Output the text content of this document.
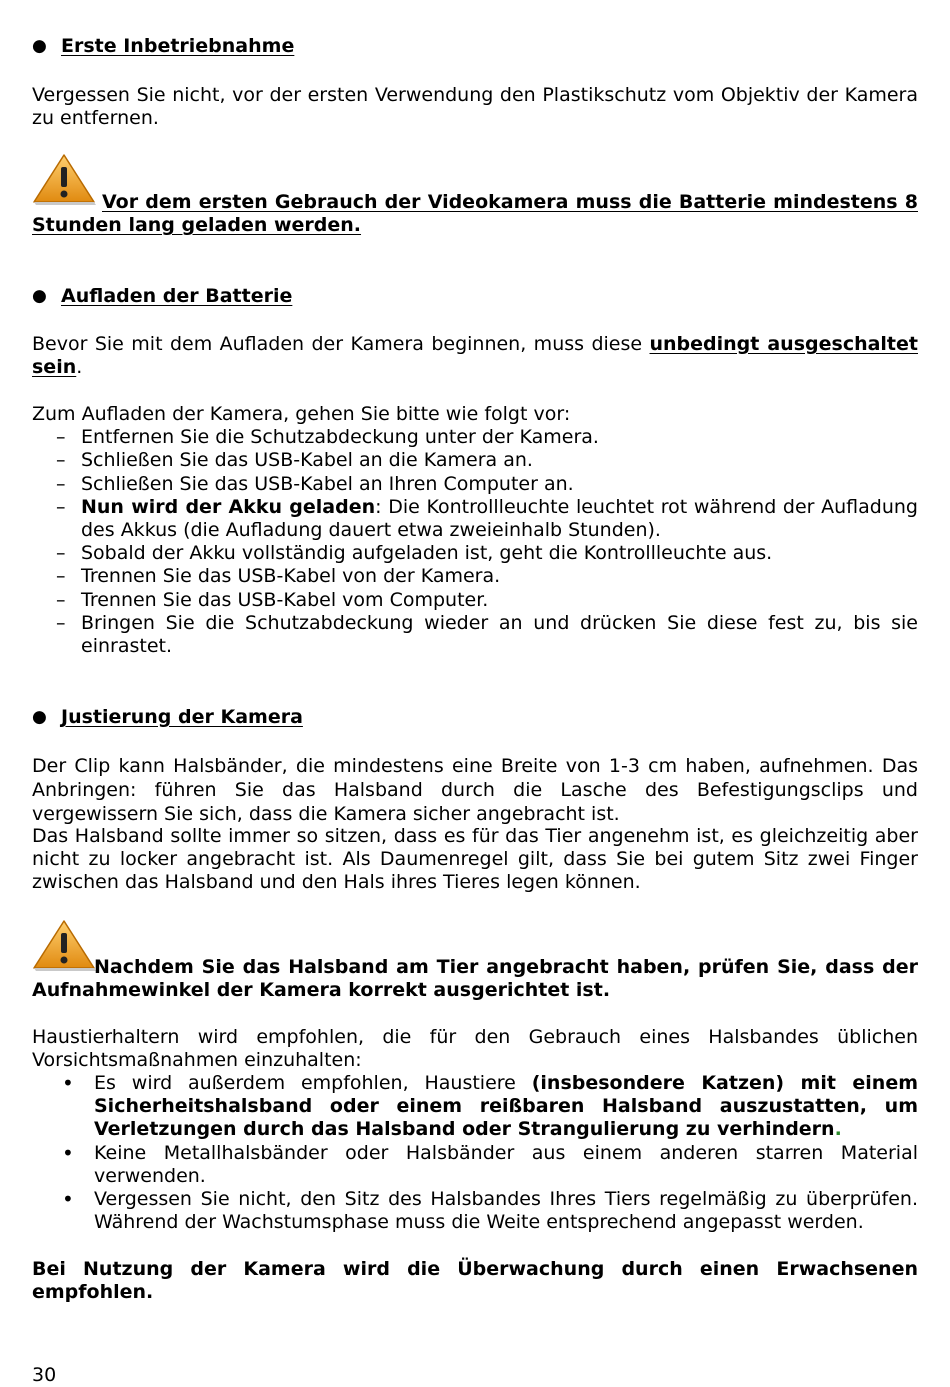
● Erste Inbetriebnahme
Vergessen Sie nicht, vor der ersten Verwendung den Plastikschutz vom Objektiv der Kamera zu entfernen.
Vor dem ersten Gebrauch der Videokamera muss die Batterie mindestens 8 Stunden lang geladen werden.
● Aufladen der Batterie
Bevor Sie mit dem Aufladen der Kamera beginnen, muss diese unbedingt ausgeschaltet sein.
Zum Aufladen der Kamera, gehen Sie bitte wie folgt vor:
– Entfernen Sie die Schutzabdeckung unter der Kamera.
– Schließen Sie das USB-Kabel an die Kamera an.
– Schließen Sie das USB-Kabel an Ihren Computer an.
– Nun wird der Akku geladen: Die Kontrollleuchte leuchtet rot während der Aufladung des Akkus (die Aufladung dauert etwa zweieinhalb Stunden).
– Sobald der Akku vollständig aufgeladen ist, geht die Kontrollleuchte aus.
– Trennen Sie das USB-Kabel von der Kamera.
– Trennen Sie das USB-Kabel vom Computer.
– Bringen Sie die Schutzabdeckung wieder an und drücken Sie diese fest zu, bis sie einrastet.
● Justierung der Kamera
Der Clip kann Halsbänder, die mindestens eine Breite von 1-3 cm haben, aufnehmen. Das Anbringen: führen Sie das Halsband durch die Lasche des Befestigungsclips und vergewissern Sie sich, dass die Kamera sicher angebracht ist.
Das Halsband sollte immer so sitzen, dass es für das Tier angenehm ist, es gleichzeitig aber nicht zu locker angebracht ist. Als Daumenregel gilt, dass Sie bei gutem Sitz zwei Finger zwischen das Halsband und den Hals ihres Tieres legen können.
Nachdem Sie das Halsband am Tier angebracht haben, prüfen Sie, dass der Aufnahmewinkel der Kamera korrekt ausgerichtet ist.
Haustierhaltern wird empfohlen, die für den Gebrauch eines Halsbandes üblichen Vorsichtsmaßnahmen einzuhalten:
• Es wird außerdem empfohlen, Haustiere (insbesondere Katzen) mit einem Sicherheitshalsband oder einem reißbaren Halsband auszustatten, um Verletzungen durch das Halsband oder Strangulierung zu verhindern.
• Keine Metallhalsbänder oder Halsbänder aus einem anderen starren Material verwenden.
• Vergessen Sie nicht, den Sitz des Halsbandes Ihres Tiers regelmäßig zu überprüfen. Während der Wachstumsphase muss die Weite entsprechend angepasst werden.
Bei Nutzung der Kamera wird die Überwachung durch einen Erwachsenen empfohlen.
30
